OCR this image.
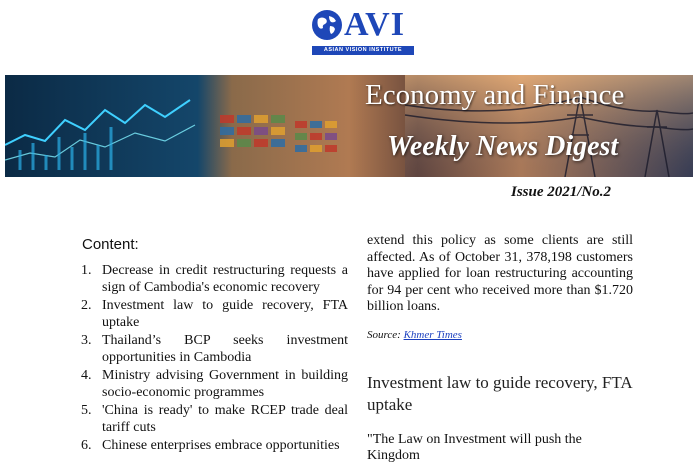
AVI
ASIAN VISION INSTITUTE
Economy and Finance
Weekly News Digest
Issue 2021/No.2
Content:
1. Decrease in credit restructuring requests a sign of Cambodia's economic recovery
2. Investment law to guide recovery, FTA uptake
3. Thailand’s BCP seeks investment opportunities in Cambodia
4. Ministry advising Government in building socio-economic programmes
5. 'China is ready' to make RCEP trade deal tariff cuts
6. Chinese enterprises embrace opportunities

extend this policy as some clients are still affected. As of October 31, 378,198 customers have applied for loan restructuring accounting for 94 per cent who received more than $1.720 billion loans.

Source: Khmer Times

Investment law to guide recovery, FTA uptake

"The Law on Investment will push the Kingdom
